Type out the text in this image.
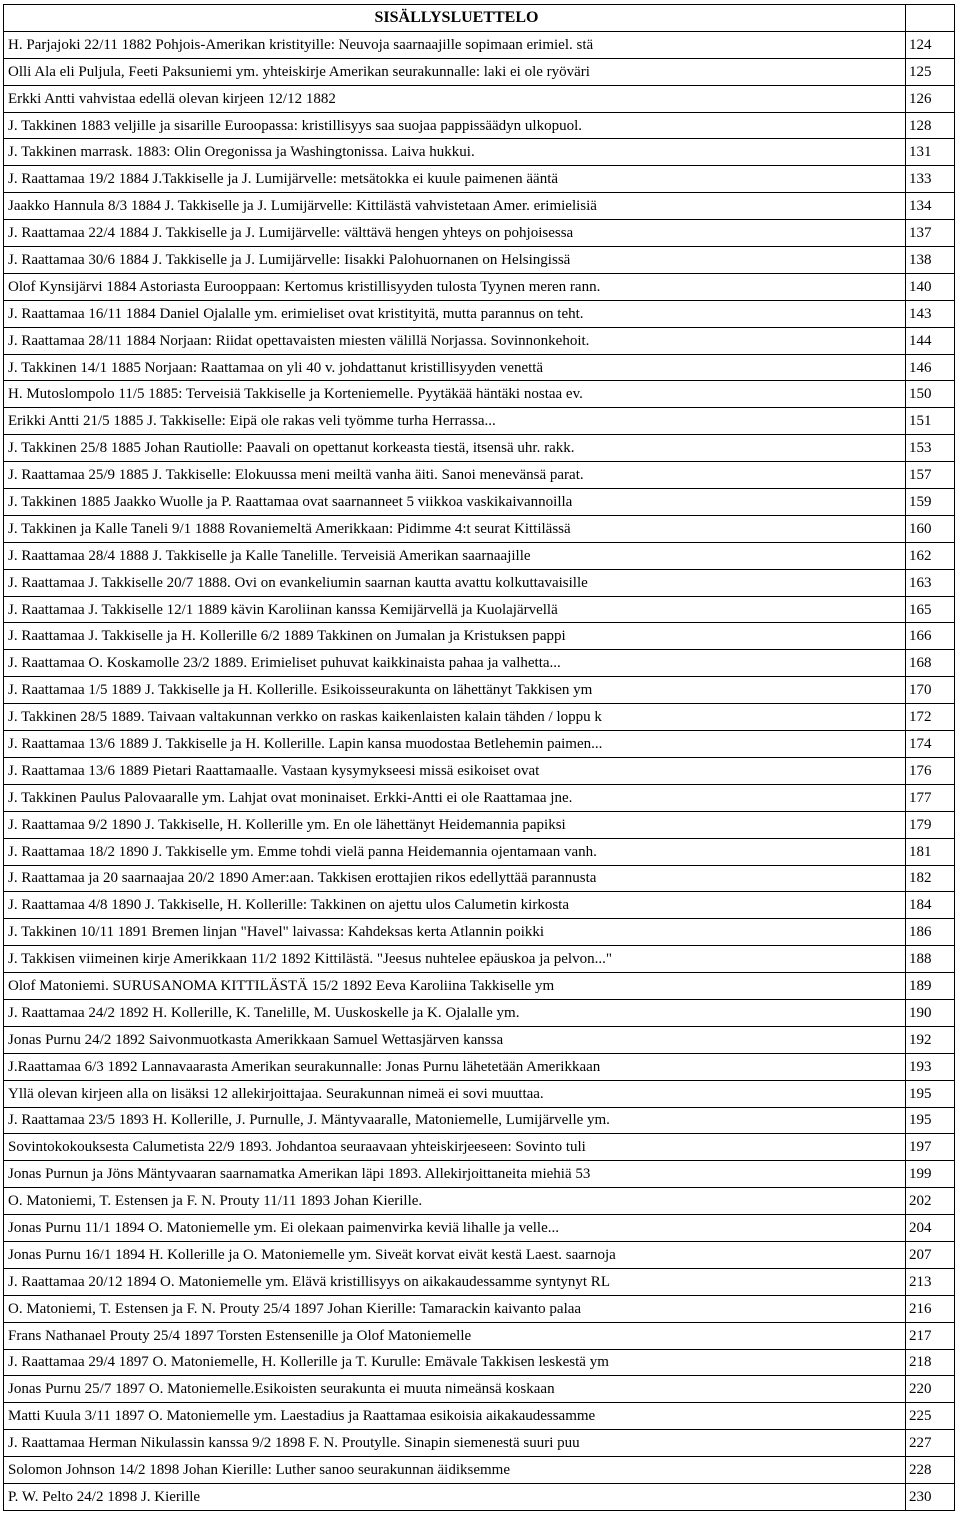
SISÄLLYSLUETTELO	
H. Parjajoki 22/11 1882 Pohjois-Amerikan kristityille: Neuvoja saarnaajille sopimaan erimiel. stä	124
Olli Ala eli Puljula, Feeti Paksuniemi ym. yhteiskirje Amerikan seurakunnalle: laki ei ole ryöväri	125
Erkki Antti vahvistaa edellä olevan kirjeen 12/12 1882	126
J. Takkinen 1883 veljille ja sisarille Euroopassa: kristillisyys saa suojaa pappissäädyn ulkopuol.	128
J. Takkinen marrask. 1883: Olin Oregonissa ja Washingtonissa. Laiva hukkui.	131
J. Raattamaa 19/2 1884 J.Takkiselle ja J. Lumijärvelle: metsätokka ei kuule paimenen ääntä	133
Jaakko Hannula 8/3 1884 J. Takkiselle ja J. Lumijärvelle: Kittilästä vahvistetaan Amer. erimielisiä	134
J. Raattamaa 22/4 1884 J. Takkiselle ja J. Lumijärvelle: välttävä hengen yhteys on pohjoisessa	137
J. Raattamaa 30/6 1884 J. Takkiselle ja J. Lumijärvelle: Iisakki Palohuornanen on Helsingissä	138
Olof Kynsijärvi 1884 Astoriasta Eurooppaan: Kertomus kristillisyyden tulosta Tyynen meren rann.	140
J. Raattamaa 16/11 1884 Daniel Ojalalle ym. erimieliset ovat kristityitä, mutta parannus on teht.	143
J. Raattamaa 28/11 1884 Norjaan: Riidat opettavaisten miesten välillä Norjassa. Sovinnonkehoit.	144
J. Takkinen 14/1 1885 Norjaan: Raattamaa on yli 40 v. johdattanut kristillisyyden venettä	146
H. Mutoslompolo 11/5 1885: Terveisiä Takkiselle ja Korteniemelle. Pyytäkää häntäki nostaa ev.	150
Erikki Antti 21/5 1885 J. Takkiselle: Eipä ole rakas veli työmme turha Herrassa...	151
J. Takkinen 25/8 1885 Johan Rautiolle: Paavali on opettanut korkeasta tiestä, itsensä uhr. rakk.	153
J. Raattamaa 25/9 1885 J. Takkiselle: Elokuussa meni meiltä vanha äiti. Sanoi menevänsä parat.	157
J. Takkinen 1885 Jaakko Wuolle ja P. Raattamaa ovat saarnanneet 5 viikkoa vaskikaivannoilla	159
J. Takkinen ja Kalle Taneli 9/1 1888 Rovaniemeltä Amerikkaan: Pidimme 4:t seurat Kittilässä	160
J. Raattamaa 28/4 1888 J. Takkiselle ja Kalle Tanelille. Terveisiä Amerikan saarnaajille	162
J. Raattamaa J. Takkiselle 20/7 1888. Ovi on evankeliumin saarnan kautta avattu kolkuttavaisille	163
J. Raattamaa J. Takkiselle 12/1 1889 kävin Karoliinan kanssa Kemijärvellä ja Kuolajärvellä	165
J. Raattamaa J. Takkiselle ja H. Kollerille 6/2 1889 Takkinen on Jumalan ja Kristuksen pappi	166
J. Raattamaa O. Koskamolle 23/2 1889. Erimieliset puhuvat kaikkinaista pahaa ja valhetta...	168
J. Raattamaa 1/5 1889 J. Takkiselle ja H. Kollerille. Esikoisseurakunta on lähettänyt Takkisen ym	170
J. Takkinen 28/5 1889. Taivaan valtakunnan verkko on raskas kaikenlaisten kalain tähden / loppu k	172
J. Raattamaa 13/6 1889 J. Takkiselle ja H. Kollerille. Lapin kansa muodostaa Betlehemin paimen...	174
J. Raattamaa 13/6 1889 Pietari Raattamaalle. Vastaan kysymykseesi missä esikoiset ovat	176
J. Takkinen Paulus Palovaaralle ym. Lahjat ovat moninaiset. Erkki-Antti ei ole Raattamaa jne.	177
J. Raattamaa 9/2 1890 J. Takkiselle, H. Kollerille ym. En ole lähettänyt Heidemannia papiksi	179
J. Raattamaa 18/2 1890 J. Takkiselle ym. Emme tohdi vielä panna Heidemannia ojentamaan vanh.	181
J. Raattamaa ja 20 saarnaajaa 20/2 1890 Amer:aan. Takkisen erottajien rikos edellyttää parannusta	182
J. Raattamaa 4/8 1890 J. Takkiselle, H. Kollerille: Takkinen on ajettu ulos Calumetin kirkosta	184
J. Takkinen 10/11 1891 Bremen linjan "Havel" laivassa: Kahdeksas kerta Atlannin poikki	186
J. Takkisen viimeinen kirje Amerikkaan 11/2 1892 Kittilästä. "Jeesus nuhtelee epäuskoa ja pelvon..."	188
Olof Matoniemi. SURUSANOMA KITTILÄSTÄ 15/2 1892 Eeva Karoliina Takkiselle ym	189
J. Raattamaa 24/2 1892 H. Kollerille, K. Tanelille, M. Uuskoskelle ja K. Ojalalle ym.	190
Jonas Purnu 24/2 1892 Saivonmuotkasta Amerikkaan Samuel Wettasjärven kanssa	192
J.Raattamaa 6/3 1892 Lannavaarasta Amerikan seurakunnalle: Jonas Purnu lähetetään Amerikkaan	193
Yllä olevan kirjeen alla on lisäksi 12 allekirjoittajaa. Seurakunnan nimeä ei sovi muuttaa.	195
J. Raattamaa 23/5 1893 H. Kollerille, J. Purnulle, J. Mäntyvaaralle, Matoniemelle, Lumijärvelle ym.	195
Sovintokokouksesta Calumetista 22/9 1893. Johdantoa seuraavaan yhteiskirjeeseen: Sovinto tuli	197
Jonas Purnun ja Jöns Mäntyvaaran saarnamatka Amerikan läpi 1893. Allekirjoittaneita miehiä 53	199
O. Matoniemi, T. Estensen ja F. N. Prouty 11/11 1893 Johan Kierille.	202
Jonas Purnu 11/1 1894 O. Matoniemelle ym. Ei olekaan paimenvirka keviä lihalle ja velle...	204
Jonas Purnu 16/1 1894 H. Kollerille ja O. Matoniemelle ym. Siveät korvat eivät kestä Laest. saarnoja	207
J. Raattamaa 20/12 1894 O. Matoniemelle ym. Elävä kristillisyys on aikakaudessamme syntynyt RL	213
O. Matoniemi, T. Estensen ja F. N. Prouty 25/4 1897 Johan Kierille: Tamarackin kaivanto palaa	216
Frans Nathanael Prouty 25/4 1897 Torsten Estensenille ja Olof Matoniemelle	217
J. Raattamaa 29/4 1897 O. Matoniemelle, H. Kollerille ja T. Kurulle: Emävale Takkisen leskestä ym	218
Jonas Purnu 25/7 1897 O. Matoniemelle.Esikoisten seurakunta ei muuta nimeänsä koskaan	220
Matti Kuula 3/11 1897 O. Matoniemelle ym. Laestadius ja Raattamaa esikoisia aikakaudessamme	225
J. Raattamaa Herman Nikulassin kanssa 9/2 1898 F. N. Proutylle. Sinapin siemenestä suuri puu	227
Solomon Johnson 14/2 1898 Johan Kierille: Luther sanoo seurakunnan äidiksemme	228
P. W. Pelto 24/2 1898 J. Kierille	230
